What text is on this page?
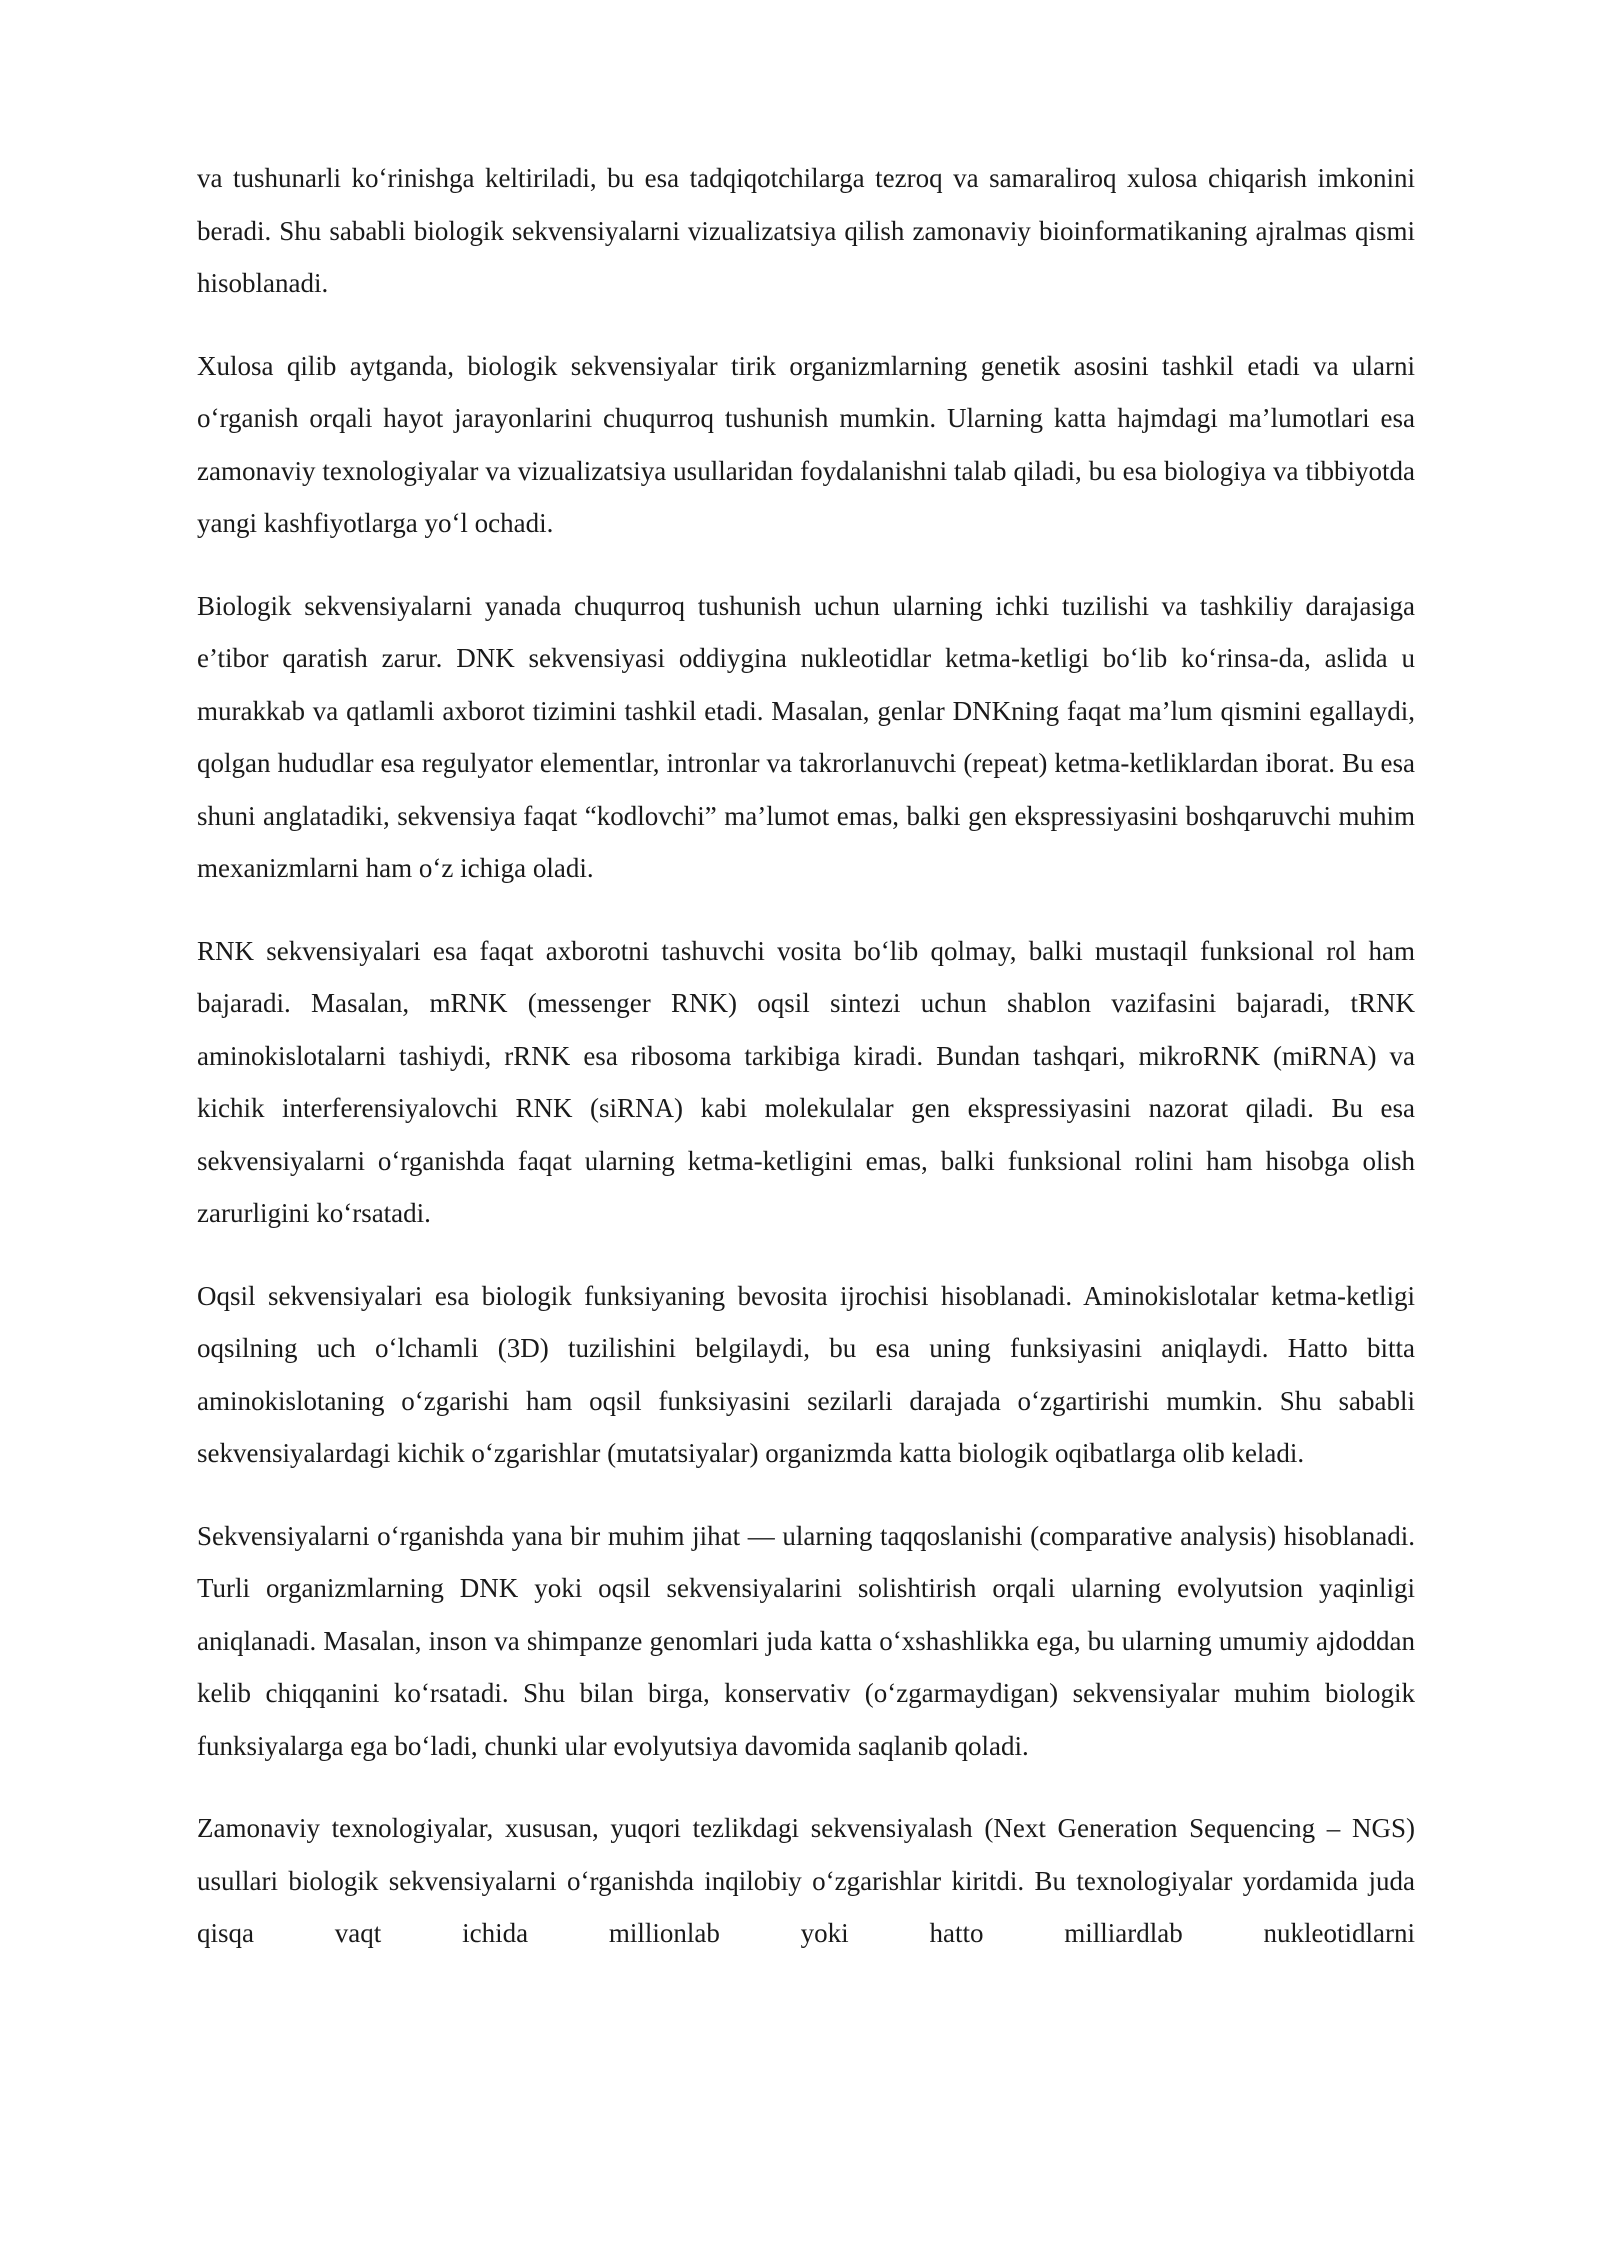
va tushunarli ko‘rinishga keltiriladi, bu esa tadqiqotchilarga tezroq va samaraliroq xulosa chiqarish imkonini beradi. Shu sababli biologik sekvensiyalarni vizualizatsiya qilish zamonaviy bioinformatikaning ajralmas qismi hisoblanadi.

Xulosa qilib aytganda, biologik sekvensiyalar tirik organizmlarning genetik asosini tashkil etadi va ularni o‘rganish orqali hayot jarayonlarini chuqurroq tushunish mumkin. Ularning katta hajmdagi ma’lumotlari esa zamonaviy texnologiyalar va vizualizatsiya usullaridan foydalanishni talab qiladi, bu esa biologiya va tibbiyotda yangi kashfiyotlarga yo‘l ochadi.

Biologik sekvensiyalarni yanada chuqurroq tushunish uchun ularning ichki tuzilishi va tashkiliy darajasiga e’tibor qaratish zarur. DNK sekvensiyasi oddiygina nukleotidlar ketma-ketligi bo‘lib ko‘rinsa-da, aslida u murakkab va qatlamli axborot tizimini tashkil etadi. Masalan, genlar DNKning faqat ma’lum qismini egallaydi, qolgan hududlar esa regulyator elementlar, intronlar va takrorlanuvchi (repeat) ketma-ketliklardan iborat. Bu esa shuni anglatadiki, sekvensiya faqat “kodlovchi” ma’lumot emas, balki gen ekspressiyasini boshqaruvchi muhim mexanizmlarni ham o‘z ichiga oladi.

RNK sekvensiyalari esa faqat axborotni tashuvchi vosita bo‘lib qolmay, balki mustaqil funksional rol ham bajaradi. Masalan, mRNK (messenger RNK) oqsil sintezi uchun shablon vazifasini bajaradi, tRNK aminokislotalarni tashiydi, rRNK esa ribosoma tarkibiga kiradi. Bundan tashqari, mikroRNK (miRNA) va kichik interferensiyalovchi RNK (siRNA) kabi molekulalar gen ekspressiyasini nazorat qiladi. Bu esa sekvensiyalarni o‘rganishda faqat ularning ketma-ketligini emas, balki funksional rolini ham hisobga olish zarurligini ko‘rsatadi.

Oqsil sekvensiyalari esa biologik funksiyaning bevosita ijrochisi hisoblanadi. Aminokislotalar ketma-ketligi oqsilning uch o‘lchamli (3D) tuzilishini belgilaydi, bu esa uning funksiyasini aniqlaydi. Hatto bitta aminokislotaning o‘zgarishi ham oqsil funksiyasini sezilarli darajada o‘zgartirishi mumkin. Shu sababli sekvensiyalardagi kichik o‘zgarishlar (mutatsiyalar) organizmda katta biologik oqibatlarga olib keladi.

Sekvensiyalarni o‘rganishda yana bir muhim jihat — ularning taqqoslanishi (comparative analysis) hisoblanadi. Turli organizmlarning DNK yoki oqsil sekvensiyalarini solishtirish orqali ularning evolyutsion yaqinligi aniqlanadi. Masalan, inson va shimpanze genomlari juda katta o‘xshashlikka ega, bu ularning umumiy ajdoddan kelib chiqqanini ko‘rsatadi. Shu bilan birga, konservativ (o‘zgarmaydigan) sekvensiyalar muhim biologik funksiyalarga ega bo‘ladi, chunki ular evolyutsiya davomida saqlanib qoladi.

Zamonaviy texnologiyalar, xususan, yuqori tezlikdagi sekvensiyalash (Next Generation Sequencing – NGS) usullari biologik sekvensiyalarni o‘rganishda inqilobiy o‘zgarishlar kiritdi. Bu texnologiyalar yordamida juda qisqa vaqt ichida millionlab yoki hatto milliardlab nukleotidlarni
